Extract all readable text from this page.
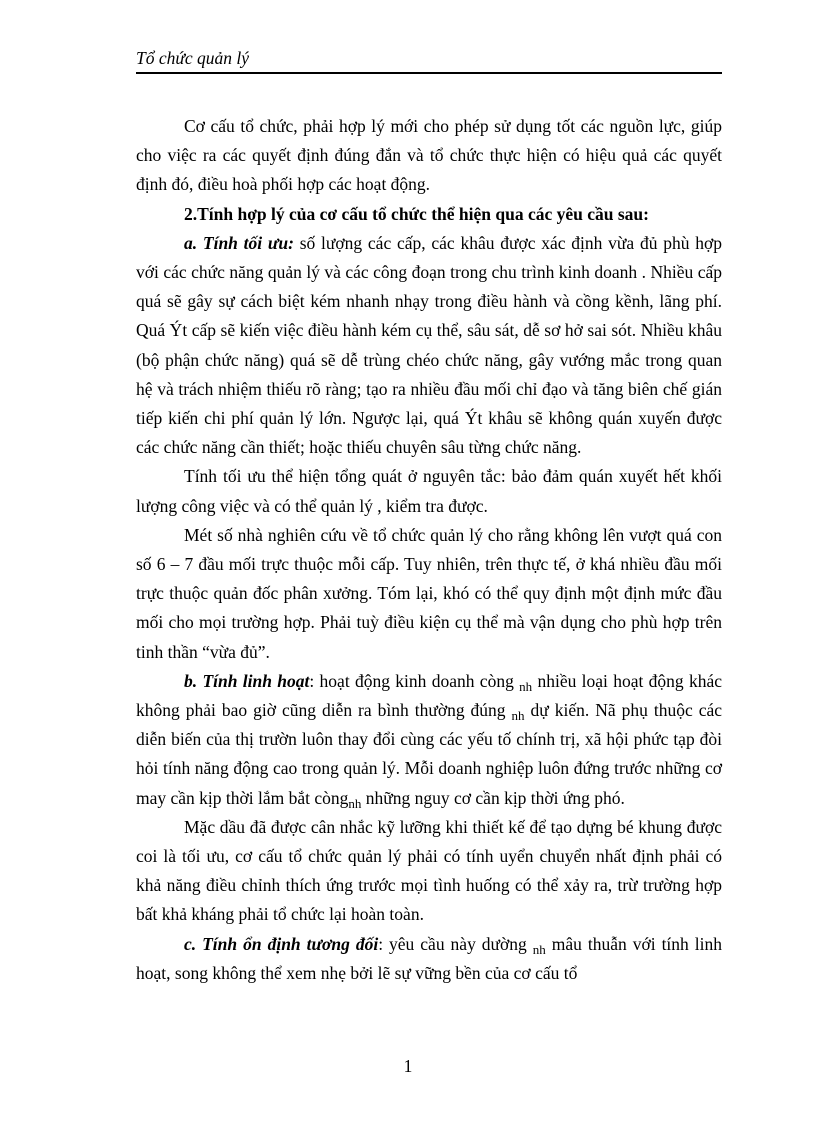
Tổ chức quản lý

Cơ cấu tổ chức, phải hợp lý mới cho phép sử dụng tốt các nguồn lực, giúp cho việc ra các quyết định đúng đắn và tổ chức thực hiện có hiệu quả các quyết định đó, điều hoà phối hợp các hoạt động.

2.Tính hợp lý của cơ cấu tổ chức thể hiện qua các yêu cầu sau:

a. Tính tối ưu: số lượng các cấp, các khâu được xác định vừa đủ phù hợp với các chức năng quản lý và các công đoạn trong chu trình kinh doanh . Nhiều cấp quá sẽ gây sự cách biệt kém nhanh nhạy trong điều hành và cồng kềnh, lãng phí. Quá Ýt cấp sẽ kiến việc điều hành kém cụ thể, sâu sát, dễ sơ hở sai sót. Nhiều khâu (bộ phận chức năng) quá sẽ dễ trùng chéo chức năng, gây vướng mắc trong quan hệ và trách nhiệm thiếu rõ ràng; tạo ra nhiều đầu mối chỉ đạo và tăng biên chế gián tiếp kiến chi phí quản lý lớn. Ngược lại, quá Ýt khâu sẽ không quán xuyến được các chức năng cần thiết; hoặc thiếu chuyên sâu từng chức năng.

Tính tối ưu thể hiện tổng quát ở nguyên tắc: bảo đảm quán xuyết hết khối lượng công việc và có thể quản lý , kiểm tra được.

Mét số nhà nghiên cứu về tổ chức quản lý cho rằng không lên vượt quá con số 6 – 7 đầu mối trực thuộc mỗi cấp. Tuy nhiên, trên thực tế, ở khá nhiều đầu mối trực thuộc quản đốc phân xưởng. Tóm lại, khó có thể quy định một định mức đầu mối cho mọi trường hợp. Phải tuỳ điều kiện cụ thể mà vận dụng cho phù hợp trên tinh thần “vừa đủ”.

b. Tính linh hoạt: hoạt động kinh doanh còng $_{nh}$ nhiều loại hoạt động khác không phải bao giờ cũng diễn ra bình thường đúng $_{nh}$ dự kiến. Nã phụ thuộc các diễn biến của thị trườn luôn thay đổi cùng các yếu tố chính trị, xã hội phức tạp đòi hỏi tính năng động cao trong quản lý. Mỗi doanh nghiệp luôn đứng trước những cơ may cần kịp thời lắm bắt còng$_{nh}$ những nguy cơ cần kịp thời ứng phó.

Mặc dầu đã được cân nhắc kỹ lưỡng khi thiết kế để tạo dựng bé khung được coi là tối ưu, cơ cấu tổ chức quản lý phải có tính uyển chuyển nhất định phải có khả năng điều chỉnh thích ứng trước mọi tình huống có thể xảy ra, trừ trường hợp bất khả kháng phải tổ chức lại hoàn toàn.

c. Tính ổn định tương đối: yêu cầu này dường $_{nh}$ mâu thuẫn với tính linh hoạt, song không thể xem nhẹ bởi lẽ sự vững bền của cơ cấu tổ

1
